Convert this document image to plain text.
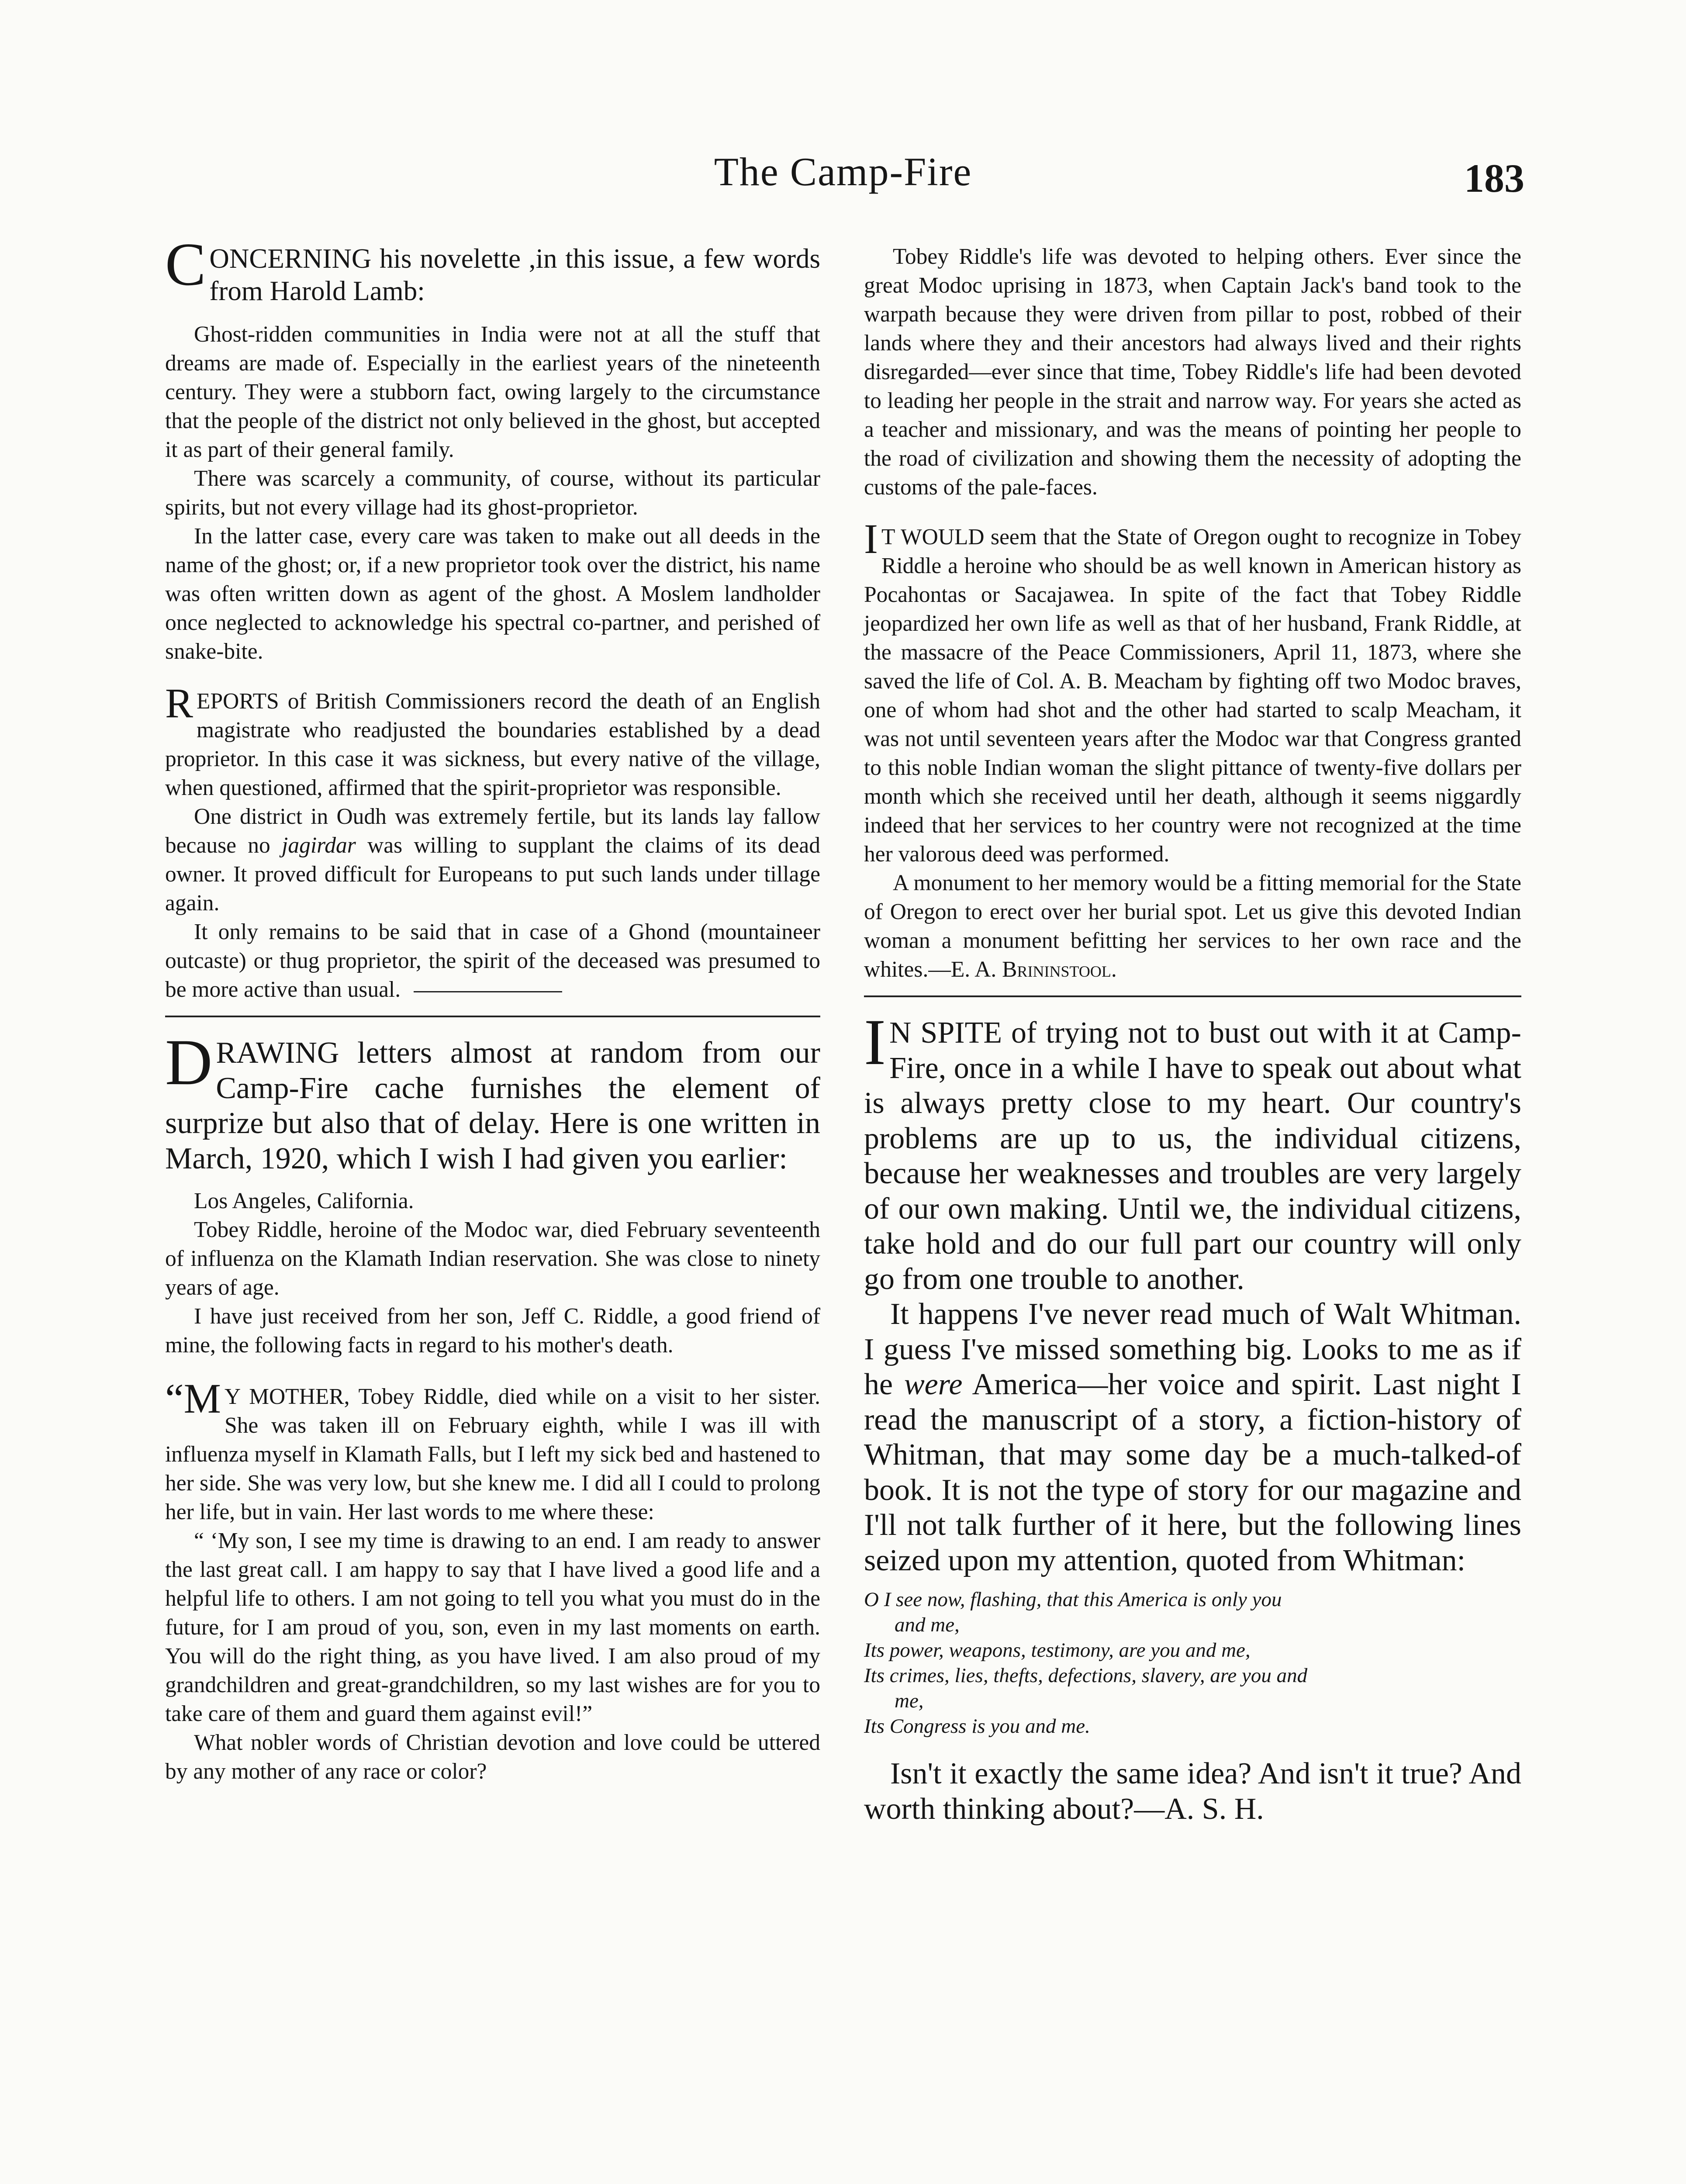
The Camp-Fire	183
CONCERNING his novelette ,in this issue, a few words from Harold Lamb:

Ghost-ridden communities in India were not at all the stuff that dreams are made of. Especially in the earliest years of the nineteenth century. They were a stubborn fact, owing largely to the circumstance that the people of the district not only believed in the ghost, but accepted it as part of their general family.

There was scarcely a community, of course, without its particular spirits, but not every village had its ghost-proprietor.

In the latter case, every care was taken to make out all deeds in the name of the ghost; or, if a new proprietor took over the district, his name was often written down as agent of the ghost. A Moslem landholder once neglected to acknowledge his spectral co-partner, and perished of snake-bite.

REPORTS of British Commissioners record the death of an English magistrate who readjusted the boundaries established by a dead proprietor. In this case it was sickness, but every native of the village, when questioned, affirmed that the spirit-proprietor was responsible.

One district in Oudh was extremely fertile, but its lands lay fallow because no jagirdar was willing to supplant the claims of its dead owner. It proved difficult for Europeans to put such lands under tillage again.

It only remains to be said that in case of a Ghond (mountaineer outcaste) or thug proprietor, the spirit of the deceased was presumed to be more active than usual.

DRAWING letters almost at random from our Camp-Fire cache furnishes the element of surprize but also that of delay. Here is one written in March, 1920, which I wish I had given you earlier:

Los Angeles, California.

Tobey Riddle, heroine of the Modoc war, died February seventeenth of influenza on the Klamath Indian reservation. She was close to ninety years of age.

I have just received from her son, Jeff C. Riddle, a good friend of mine, the following facts in regard to his mother's death.

“M Y MOTHER, Tobey Riddle, died while on a visit to her sister. She was taken ill on February eighth, while I was ill with influenza myself in Klamath Falls, but I left my sick bed and hastened to her side. She was very low, but she knew me. I did all I could to prolong her life, but in vain. Her last words to me where these:

“ ‘My son, I see my time is drawing to an end. I am ready to answer the last great call. I am happy to say that I have lived a good life and a helpful life to others. I am not going to tell you what you must do in the future, for I am proud of you, son, even in my last moments on earth. You will do the right thing, as you have lived. I am also proud of my grandchildren and great-grandchildren, so my last wishes are for you to take care of them and guard them against evil!”

What nobler words of Christian devotion and love could be uttered by any mother of any race or color?

Tobey Riddle's life was devoted to helping others. Ever since the great Modoc uprising in 1873, when Captain Jack's band took to the warpath because they were driven from pillar to post, robbed of their lands where they and their ancestors had always lived and their rights disregarded—ever since that time, Tobey Riddle's life had been devoted to leading her people in the strait and narrow way. For years she acted as a teacher and missionary, and was the means of pointing her people to the road of civilization and showing them the necessity of adopting the customs of the pale-faces.

I T WOULD seem that the State of Oregon ought to recognize in Tobey Riddle a heroine who should be as well known in American history as Pocahontas or Sacajawea. In spite of the fact that Tobey Riddle jeopardized her own life as well as that of her husband, Frank Riddle, at the massacre of the Peace Commissioners, April 11, 1873, where she saved the life of Col. A. B. Meacham by fighting off two Modoc braves, one of whom had shot and the other had started to scalp Meacham, it was not until seventeen years after the Modoc war that Congress granted to this noble Indian woman the slight pittance of twenty-five dollars per month which she received until her death, although it seems niggardly indeed that her services to her country were not recognized at the time her valorous deed was performed.

A monument to her memory would be a fitting memorial for the State of Oregon to erect over her burial spot. Let us give this devoted Indian woman a monument befitting her services to her own race and the whites.—E. A. Brininstool.

I N SPITE of trying not to bust out with it at Camp-Fire, once in a while I have to speak out about what is always pretty close to my heart. Our country's problems are up to us, the individual citizens, because her weaknesses and troubles are very largely of our own making. Until we, the individual citizens, take hold and do our full part our country will only go from one trouble to another.

It happens I've never read much of Walt Whitman. I guess I've missed something big. Looks to me as if he were America—her voice and spirit. Last night I read the manuscript of a story, a fiction-history of Whitman, that may some day be a much-talked-of book. It is not the type of story for our magazine and I'll not talk further of it here, but the following lines seized upon my attention, quoted from Whitman:

O I see now, flashing, that this America is only you

and me,

Its power, weapons, testimony, are you and me,

Its crimes, lies, thefts, defections, slavery, are you and

me,

Its Congress is you and me.

Isn't it exactly the same idea? And isn't it true? And worth thinking about?—A. S. H.
